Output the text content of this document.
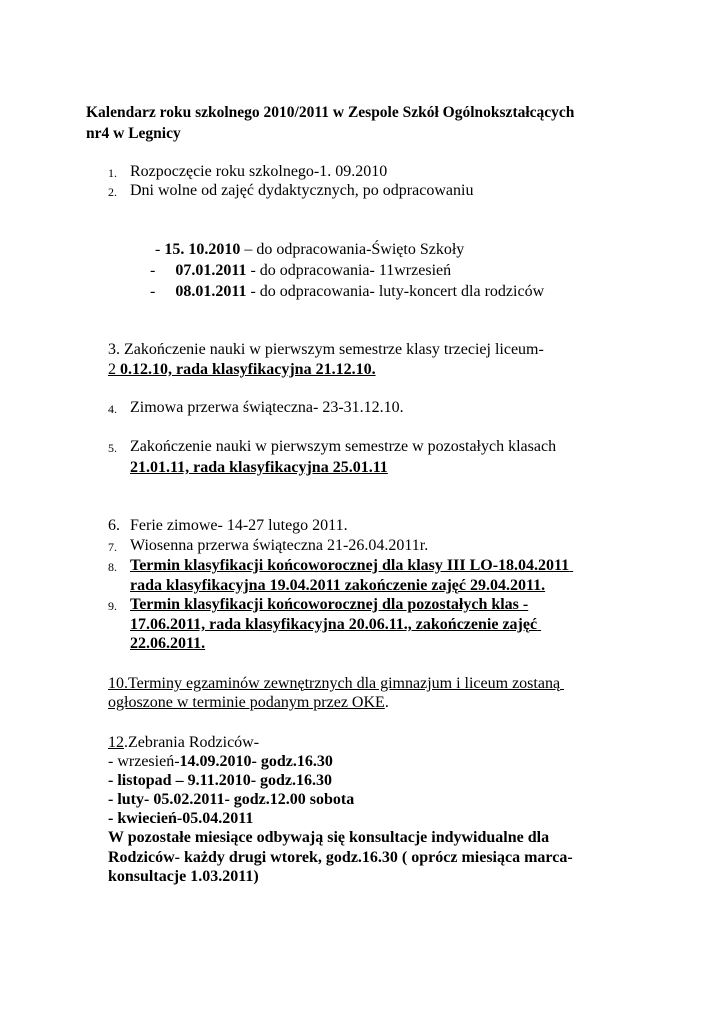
Kalendarz roku szkolnego 2010/2011 w Zespole Szkół Ogólnokształcących
nr4 w Legnicy
1. Rozpoczęcie roku szkolnego-1. 09.2010
2. Dni wolne od zajęć dydaktycznych, po odpracowaniu
- 15. 10.2010 – do odpracowania-Święto Szkoły
- 07.01.2011 - do odpracowania- 11wrzesień
- 08.01.2011 - do odpracowania- luty-koncert dla rodziców
3. Zakończenie nauki w pierwszym semestrze klasy trzeciej liceum-
2 0.12.10, rada klasyfikacyjna 21.12.10.
4. Zimowa przerwa świąteczna- 23-31.12.10.
5. Zakończenie nauki w pierwszym semestrze w pozostałych klasach
21.01.11, rada klasyfikacyjna 25.01.11
6. Ferie zimowe- 14-27 lutego 2011.
7. Wiosenna przerwa świąteczna 21-26.04.2011r.
8. Termin klasyfikacji końcoworocznej dla klasy III LO-18.04.2011
rada klasyfikacyjna 19.04.2011 zakończenie zajęć 29.04.2011.
9. Termin klasyfikacji końcoworocznej dla pozostałych klas -
17.06.2011, rada klasyfikacyjna 20.06.11., zakończenie zajęć
22.06.2011.
10.Terminy egzaminów zewnętrznych dla gimnazjum i liceum zostaną
ogłoszone w terminie podanym przez OKE.
12.Zebrania Rodziców-
- wrzesień-14.09.2010- godz.16.30
- listopad – 9.11.2010- godz.16.30
- luty- 05.02.2011- godz.12.00 sobota
- kwiecień-05.04.2011
W pozostałe miesiące odbywają się konsultacje indywidualne dla
Rodziców- każdy drugi wtorek, godz.16.30 ( oprócz miesiąca marca-
konsultacje 1.03.2011)
